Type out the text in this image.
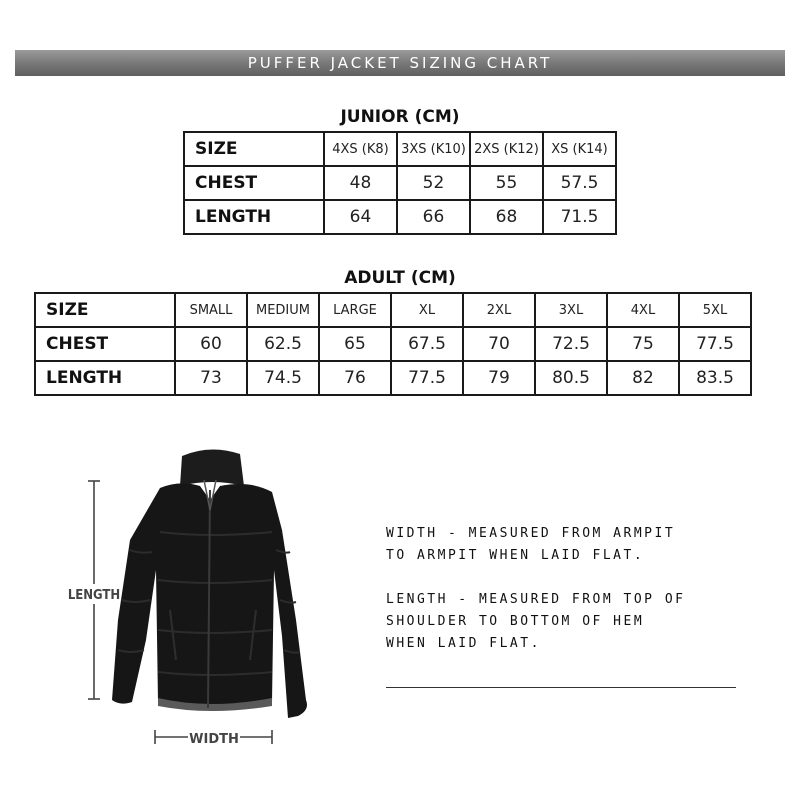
PUFFER JACKET SIZING CHART
JUNIOR (CM)
SIZE	4XS (K8)	3XS (K10)	2XS (K12)	XS (K14)
CHEST	48	52	55	57.5
LENGTH	64	66	68	71.5
ADULT (CM)
SIZE	SMALL	MEDIUM	LARGE	XL	2XL	3XL	4XL	5XL
CHEST	60	62.5	65	67.5	70	72.5	75	77.5
LENGTH	73	74.5	76	77.5	79	80.5	82	83.5
LENGTH
WIDTH

WIDTH - MEASURED FROM ARMPIT
TO ARMPIT WHEN LAID FLAT.

LENGTH - MEASURED FROM TOP OF
SHOULDER TO BOTTOM OF HEM
WHEN LAID FLAT.
